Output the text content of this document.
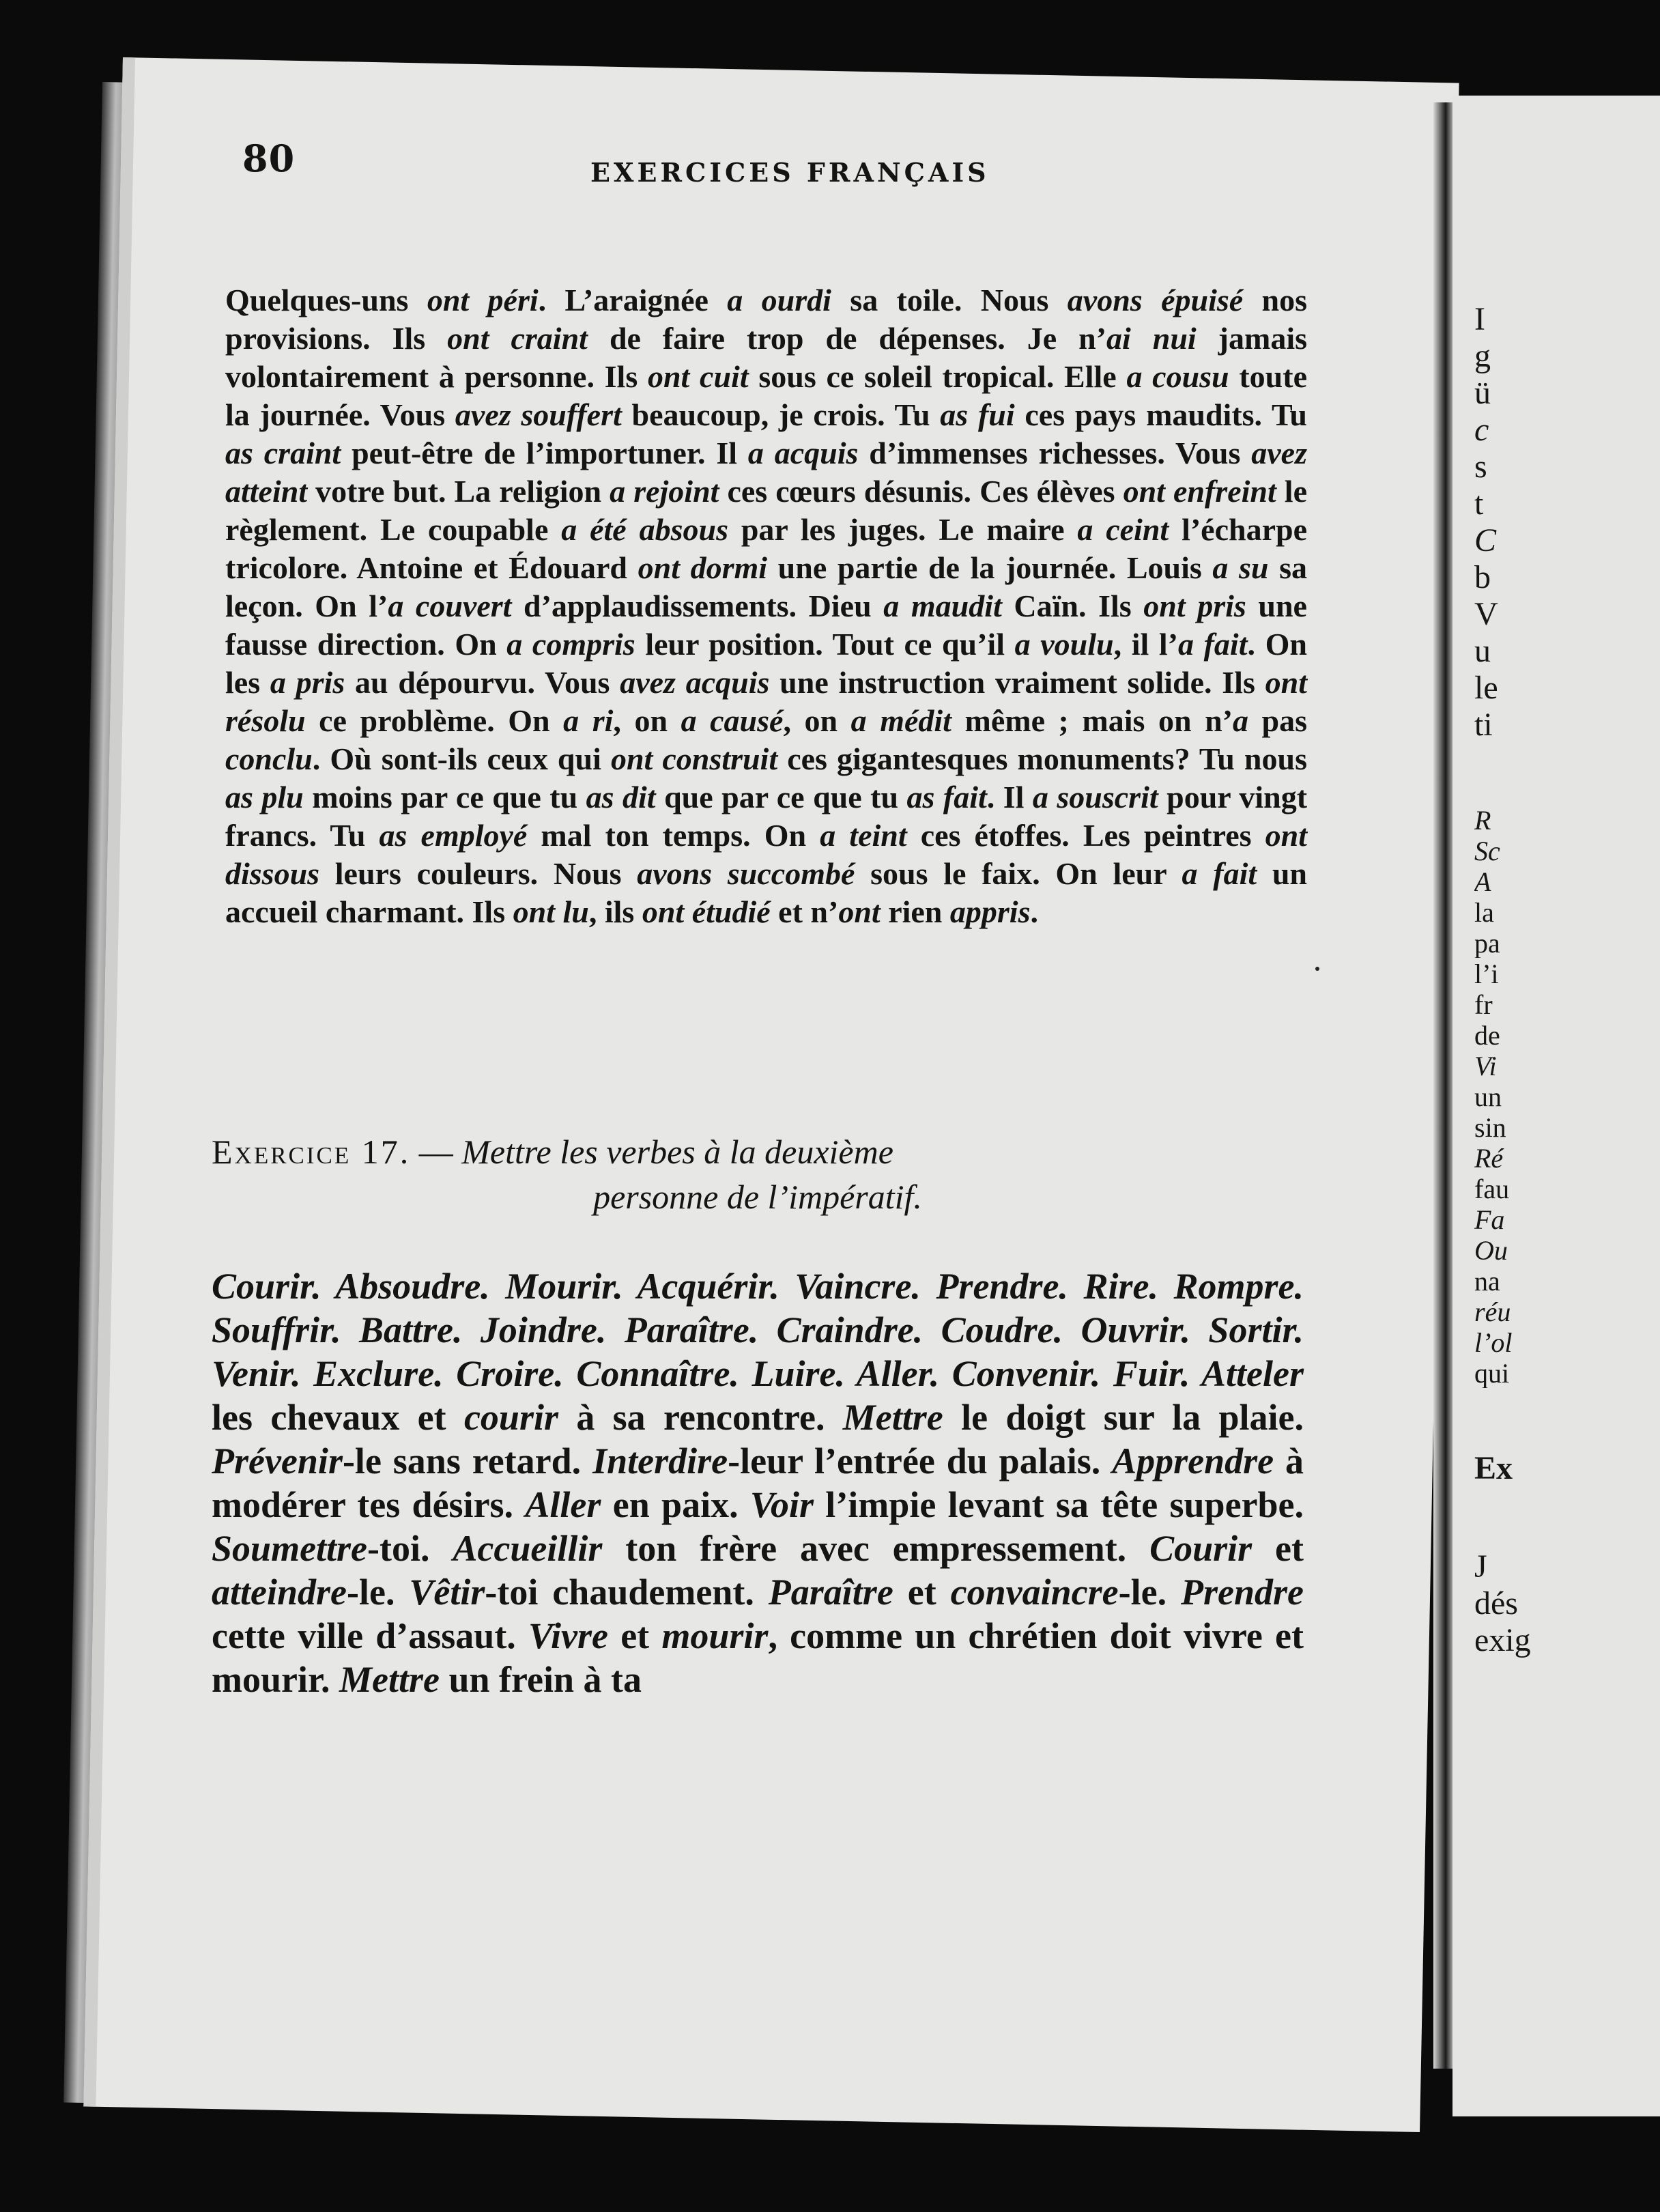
80	EXERCICES FRANÇAIS

Quelques-uns ont péri. L’araignée a ourdi sa toile. Nous avons épuisé nos provisions. Ils ont craint de faire trop de dépenses. Je n’ai nui jamais volontairement à personne. Ils ont cuit sous ce soleil tropical. Elle a cousu toute la journée. Vous avez souffert beaucoup, je crois. Tu as fui ces pays maudits. Tu as craint peut-être de l’importuner. Il a acquis d’immenses richesses. Vous avez atteint votre but. La religion a rejoint ces cœurs désunis. Ces élèves ont enfreint le règlement. Le coupable a été absous par les juges. Le maire a ceint l’écharpe tricolore. Antoine et Édouard ont dormi une partie de la journée. Louis a su sa leçon. On l’a couvert d’applaudissements. Dieu a maudit Caïn. Ils ont pris une fausse direction. On a compris leur position. Tout ce qu’il a voulu, il l’a fait. On les a pris au dépourvu. Vous avez acquis une instruction vraiment solide. Ils ont résolu ce problème. On a ri, on a causé, on a médit même ; mais on n’a pas conclu. Où sont-ils ceux qui ont construit ces gigantesques monuments? Tu nous as plu moins par ce que tu as dit que par ce que tu as fait. Il a souscrit pour vingt francs. Tu as employé mal ton temps. On a teint ces étoffes. Les peintres ont dissous leurs couleurs. Nous avons succombé sous le faix. On leur a fait un accueil charmant. Ils ont lu, ils ont étudié et n’ont rien appris.

Exercice 17. — Mettre les verbes à la deuxième
personne de l’impératif.

Courir. Absoudre. Mourir. Acquérir. Vaincre. Prendre. Rire. Rompre. Souffrir. Battre. Joindre. Paraître. Craindre. Coudre. Ouvrir. Sortir. Venir. Exclure. Croire. Connaître. Luire. Aller. Convenir. Fuir. Atteler les chevaux et courir à sa rencontre. Mettre le doigt sur la plaie. Prévenir-le sans retard. Interdire-leur l’entrée du palais. Apprendre à modérer tes désirs. Aller en paix. Voir l’impie levant sa tête superbe. Soumettre-toi. Accueillir ton frère avec empressement. Courir et atteindre-le. Vêtir-toi chaudement. Paraître et convaincre-le. Prendre cette ville d’assaut. Vivre et mourir, comme un chrétien doit vivre et mourir. Mettre un frein à ta

I
g
ü
c
s
t
C
b
V
u
le
ti
R
Sc
A
la
pa
l’i
fr
de
Vi
un
sin
Ré
fau
Fa
Ou
na
réu
l’ol
qui
Ex
J
dés
exig
